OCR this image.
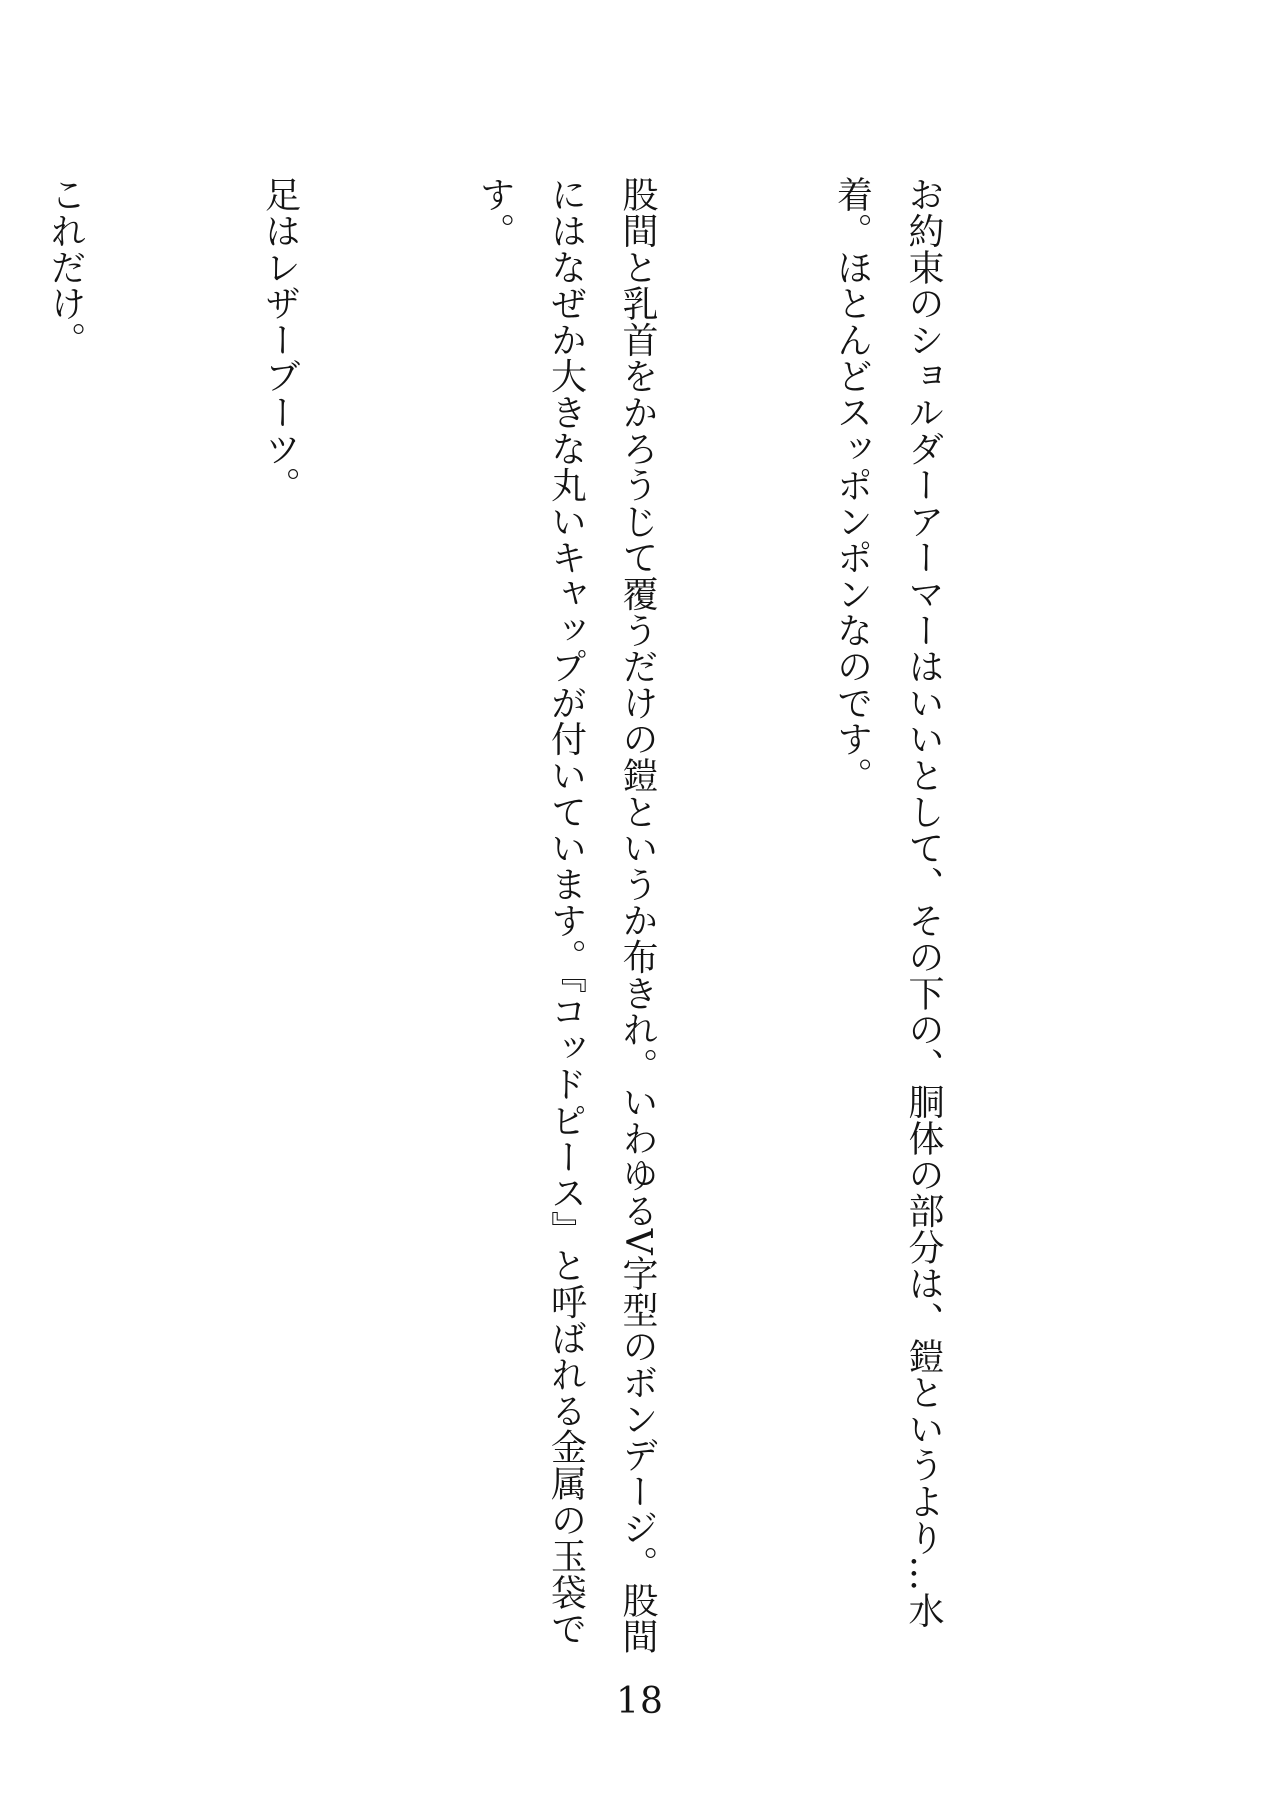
お約束のショルダーアーマーはいいとして、その下の、胴体の部分は、鎧というより…水着。ほとんどスッポンポンなのです。

股間と乳首をかろうじて覆うだけの鎧というか布きれ。いわゆるV字型のボンデージ。股間にはなぜか大きな丸いキャップが付いています。『コッドピース』と呼ばれる金属の玉袋です。

足はレザーブーツ。

これだけ。

18
